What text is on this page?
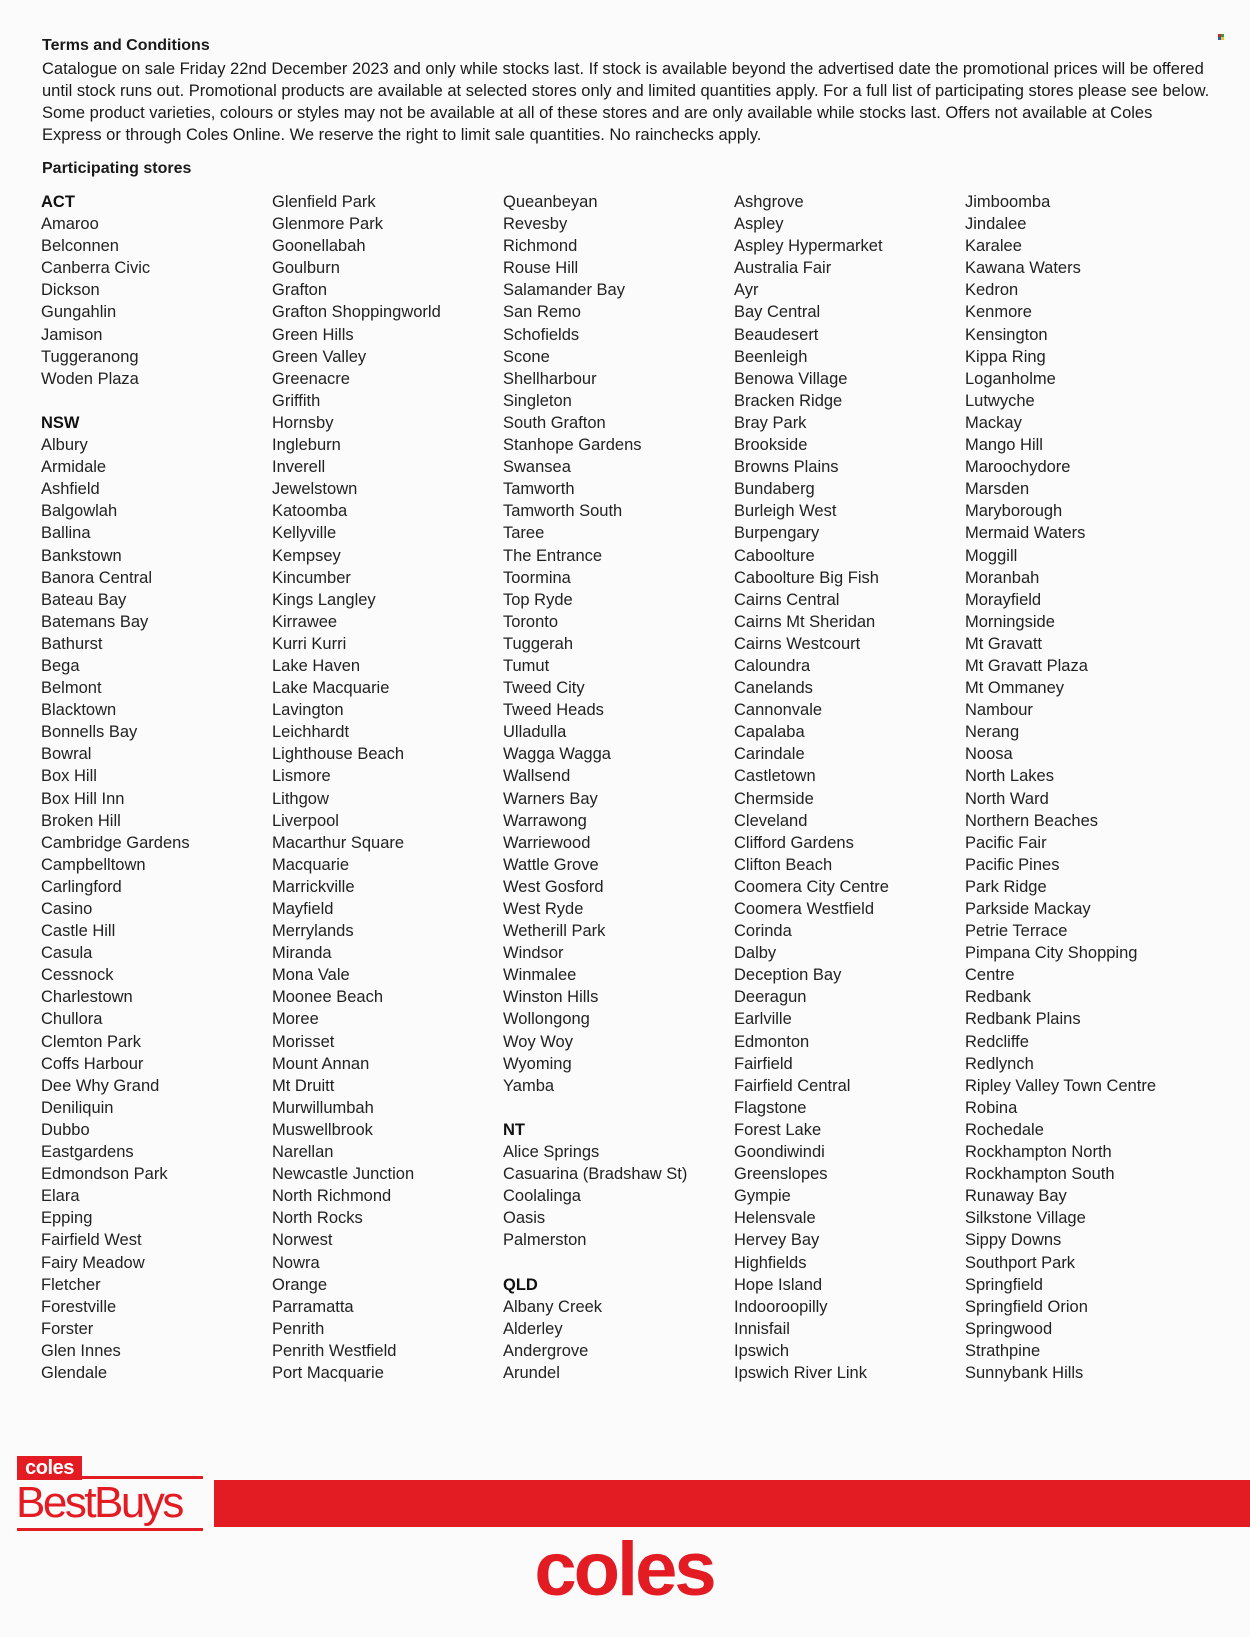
Terms and Conditions
Catalogue on sale Friday 22nd December 2023 and only while stocks last. If stock is available beyond the advertised date the promotional prices will be offered until stock runs out. Promotional products are available at selected stores only and limited quantities apply. For a full list of participating stores please see below. Some product varieties, colours or styles may not be available at all of these stores and are only available while stocks last. Offers not available at Coles Express or through Coles Online. We reserve the right to limit sale quantities. No rainchecks apply.
Participating stores
ACT
Amaroo
Belconnen
Canberra Civic
Dickson
Gungahlin
Jamison
Tuggeranong
Woden Plaza
NSW
Albury
Armidale
Ashfield
Balgowlah
Ballina
Bankstown
Banora Central
Bateau Bay
Batemans Bay
Bathurst
Bega
Belmont
Blacktown
Bonnells Bay
Bowral
Box Hill
Box Hill Inn
Broken Hill
Cambridge Gardens
Campbelltown
Carlingford
Casino
Castle Hill
Casula
Cessnock
Charlestown
Chullora
Clemton Park
Coffs Harbour
Dee Why Grand
Deniliquin
Dubbo
Eastgardens
Edmondson Park
Elara
Epping
Fairfield West
Fairy Meadow
Fletcher
Forestville
Forster
Glen Innes
Glendale
Glenfield Park
Glenmore Park
Goonellabah
Goulburn
Grafton
Grafton Shoppingworld
Green Hills
Green Valley
Greenacre
Griffith
Hornsby
Ingleburn
Inverell
Jewelstown
Katoomba
Kellyville
Kempsey
Kincumber
Kings Langley
Kirrawee
Kurri Kurri
Lake Haven
Lake Macquarie
Lavington
Leichhardt
Lighthouse Beach
Lismore
Lithgow
Liverpool
Macarthur Square
Macquarie
Marrickville
Mayfield
Merrylands
Miranda
Mona Vale
Moonee Beach
Moree
Morisset
Mount Annan
Mt Druitt
Murwillumbah
Muswellbrook
Narellan
Newcastle Junction
North Richmond
North Rocks
Norwest
Nowra
Orange
Parramatta
Penrith
Penrith Westfield
Port Macquarie
Queanbeyan
Revesby
Richmond
Rouse Hill
Salamander Bay
San Remo
Schofields
Scone
Shellharbour
Singleton
South Grafton
Stanhope Gardens
Swansea
Tamworth
Tamworth South
Taree
The Entrance
Toormina
Top Ryde
Toronto
Tuggerah
Tumut
Tweed City
Tweed Heads
Ulladulla
Wagga Wagga
Wallsend
Warners Bay
Warrawong
Warriewood
Wattle Grove
West Gosford
West Ryde
Wetherill Park
Windsor
Winmalee
Winston Hills
Wollongong
Woy Woy
Wyoming
Yamba
NT
Alice Springs
Casuarina (Bradshaw St)
Coolalinga
Oasis
Palmerston
QLD
Albany Creek
Alderley
Andergrove
Arundel
Ashgrove
Aspley
Aspley Hypermarket
Australia Fair
Ayr
Bay Central
Beaudesert
Beenleigh
Benowa Village
Bracken Ridge
Bray Park
Brookside
Browns Plains
Bundaberg
Burleigh West
Burpengary
Caboolture
Caboolture Big Fish
Cairns Central
Cairns Mt Sheridan
Cairns Westcourt
Caloundra
Canelands
Cannonvale
Capalaba
Carindale
Castletown
Chermside
Cleveland
Clifford Gardens
Clifton Beach
Coomera City Centre
Coomera Westfield
Corinda
Dalby
Deception Bay
Deeragun
Earlville
Edmonton
Fairfield
Fairfield Central
Flagstone
Forest Lake
Goondiwindi
Greenslopes
Gympie
Helensvale
Hervey Bay
Highfields
Hope Island
Indooroopilly
Innisfail
Ipswich
Ipswich River Link
Jimboomba
Jindalee
Karalee
Kawana Waters
Kedron
Kenmore
Kensington
Kippa Ring
Loganholme
Lutwyche
Mackay
Mango Hill
Maroochydore
Marsden
Maryborough
Mermaid Waters
Moggill
Moranbah
Morayfield
Morningside
Mt Gravatt
Mt Gravatt Plaza
Mt Ommaney
Nambour
Nerang
Noosa
North Lakes
North Ward
Northern Beaches
Pacific Fair
Pacific Pines
Park Ridge
Parkside Mackay
Petrie Terrace
Pimpana City Shopping
Centre
Redbank
Redbank Plains
Redcliffe
Redlynch
Ripley Valley Town Centre
Robina
Rochedale
Rockhampton North
Rockhampton South
Runaway Bay
Silkstone Village
Sippy Downs
Southport Park
Springfield
Springfield Orion
Springwood
Strathpine
Sunnybank Hills
coles
BestBuys
coles
